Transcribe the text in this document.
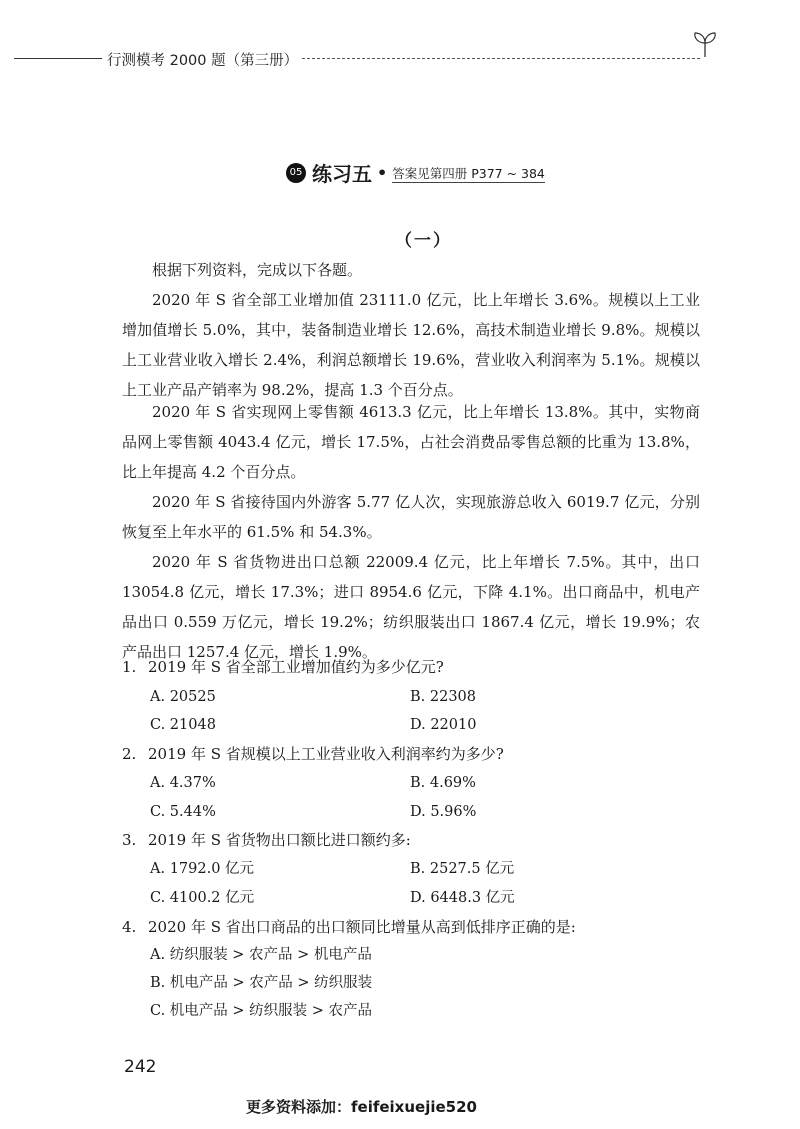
行测模考 2000 题（第三册）
05 练习五 • 答案见第四册 P377 ~ 384
（一）

根据下列资料，完成以下各题。

2020 年 S 省全部工业增加值 23111.0 亿元，比上年增长 3.6%。规模以上工业增加值增长 5.0%，其中，装备制造业增长 12.6%，高技术制造业增长 9.8%。规模以上工业营业收入增长 2.4%，利润总额增长 19.6%，营业收入利润率为 5.1%。规模以上工业产品产销率为 98.2%，提高 1.3 个百分点。

2020 年 S 省实现网上零售额 4613.3 亿元，比上年增长 13.8%。其中，实物商品网上零售额 4043.4 亿元，增长 17.5%，占社会消费品零售总额的比重为 13.8%，比上年提高 4.2 个百分点。

2020 年 S 省接待国内外游客 5.77 亿人次，实现旅游总收入 6019.7 亿元，分别恢复至上年水平的 61.5% 和 54.3%。

2020 年 S 省货物进出口总额 22009.4 亿元，比上年增长 7.5%。其中，出口 13054.8 亿元，增长 17.3%；进口 8954.6 亿元，下降 4.1%。出口商品中，机电产品出口 0.559 万亿元，增长 19.2%；纺织服装出口 1867.4 亿元，增长 19.9%；农产品出口 1257.4 亿元，增长 1.9%。

1. 2019 年 S 省全部工业增加值约为多少亿元?
A. 20525	B. 22308
C. 21048	D. 22010
2. 2019 年 S 省规模以上工业营业收入利润率约为多少?
A. 4.37%	B. 4.69%
C. 5.44%	D. 5.96%
3. 2019 年 S 省货物出口额比进口额约多:
A. 1792.0 亿元	B. 2527.5 亿元
C. 4100.2 亿元	D. 6448.3 亿元
4. 2020 年 S 省出口商品的出口额同比增量从高到低排序正确的是:
A. 纺织服装 > 农产品 > 机电产品
B. 机电产品 > 农产品 > 纺织服装
C. 机电产品 > 纺织服装 > 农产品
242
更多资料添加：feifeixuejie520
